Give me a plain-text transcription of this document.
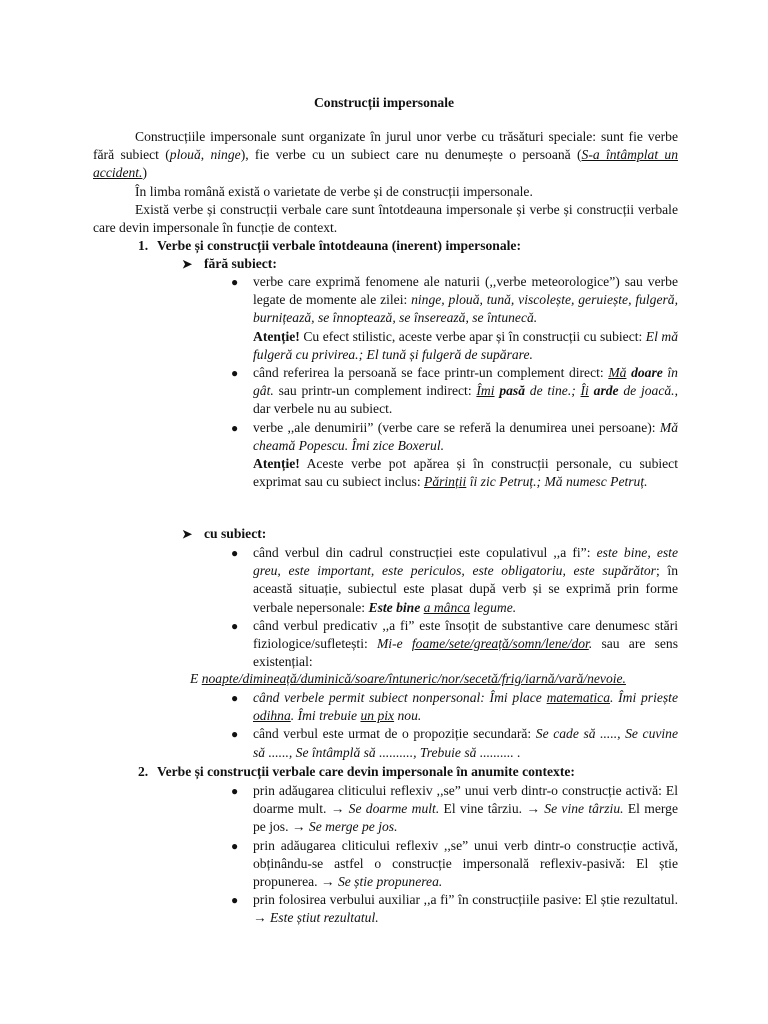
Construcții impersonale

Construcțiile impersonale sunt organizate în jurul unor verbe cu trăsături speciale: sunt fie verbe fără subiect (plouă, ninge), fie verbe cu un subiect care nu denumește o persoană (S-a întâmplat un accident.)

În limba română există o varietate de verbe și de construcții impersonale.

Există verbe și construcții verbale care sunt întotdeauna impersonale și verbe și construcții verbale care devin impersonale în funcție de context.

1. Verbe și construcții verbale întotdeauna (inerent) impersonale:
➤ fără subiect:
● verbe care exprimă fenomene ale naturii (,,verbe meteorologice”) sau verbe legate de momente ale zilei: ninge, plouă, tună, viscolește, geruiește, fulgeră, burnițează, se înnoptează, se înserează, se întunecă.
Atenție! Cu efect stilistic, aceste verbe apar și în construcții cu subiect: El mă fulgeră cu privirea.; El tună și fulgeră de supărare.
● când referirea la persoană se face printr-un complement direct: Mă doare în gât. sau printr-un complement indirect: Îmi pasă de tine.; Îi arde de joacă., dar verbele nu au subiect.
● verbe ,,ale denumirii” (verbe care se referă la denumirea unei persoane): Mă cheamă Popescu. Îmi zice Boxerul.
Atenție! Aceste verbe pot apărea și în construcții personale, cu subiect exprimat sau cu subiect inclus: Părinții îi zic Petruț.; Mă numesc Petruț.
➤ cu subiect:
● când verbul din cadrul construcției este copulativul ,,a fi”: este bine, este greu, este important, este periculos, este obligatoriu, este supărător; în această situație, subiectul este plasat după verb și se exprimă prin forme verbale nepersonale: Este bine a mânca legume.
● când verbul predicativ ,,a fi” este însoțit de substantive care denumesc stări fiziologice/sufletești: Mi-e foame/sete/greață/somn/lene/dor. sau are sens existențial:
E noapte/dimineață/duminică/soare/întuneric/nor/secetă/frig/iarnă/vară/nevoie.
● când verbele permit subiect nonpersonal: Îmi place matematica. Îmi priește odihna. Îmi trebuie un pix nou.
● când verbul este urmat de o propoziție secundară: Se cade să ....., Se cuvine să ......, Se întâmplă să .........., Trebuie să .......... .
2. Verbe și construcții verbale care devin impersonale în anumite contexte:
● prin adăugarea cliticului reflexiv ,,se” unui verb dintr-o construcție activă: El doarme mult. → Se doarme mult. El vine târziu. → Se vine târziu. El merge pe jos. → Se merge pe jos.
● prin adăugarea cliticului reflexiv ,,se” unui verb dintr-o construcție activă, obținându-se astfel o construcție impersonală reflexiv-pasivă: El știe propunerea. → Se știe propunerea.
● prin folosirea verbului auxiliar ,,a fi” în construcțiile pasive: El știe rezultatul. → Este știut rezultatul.
